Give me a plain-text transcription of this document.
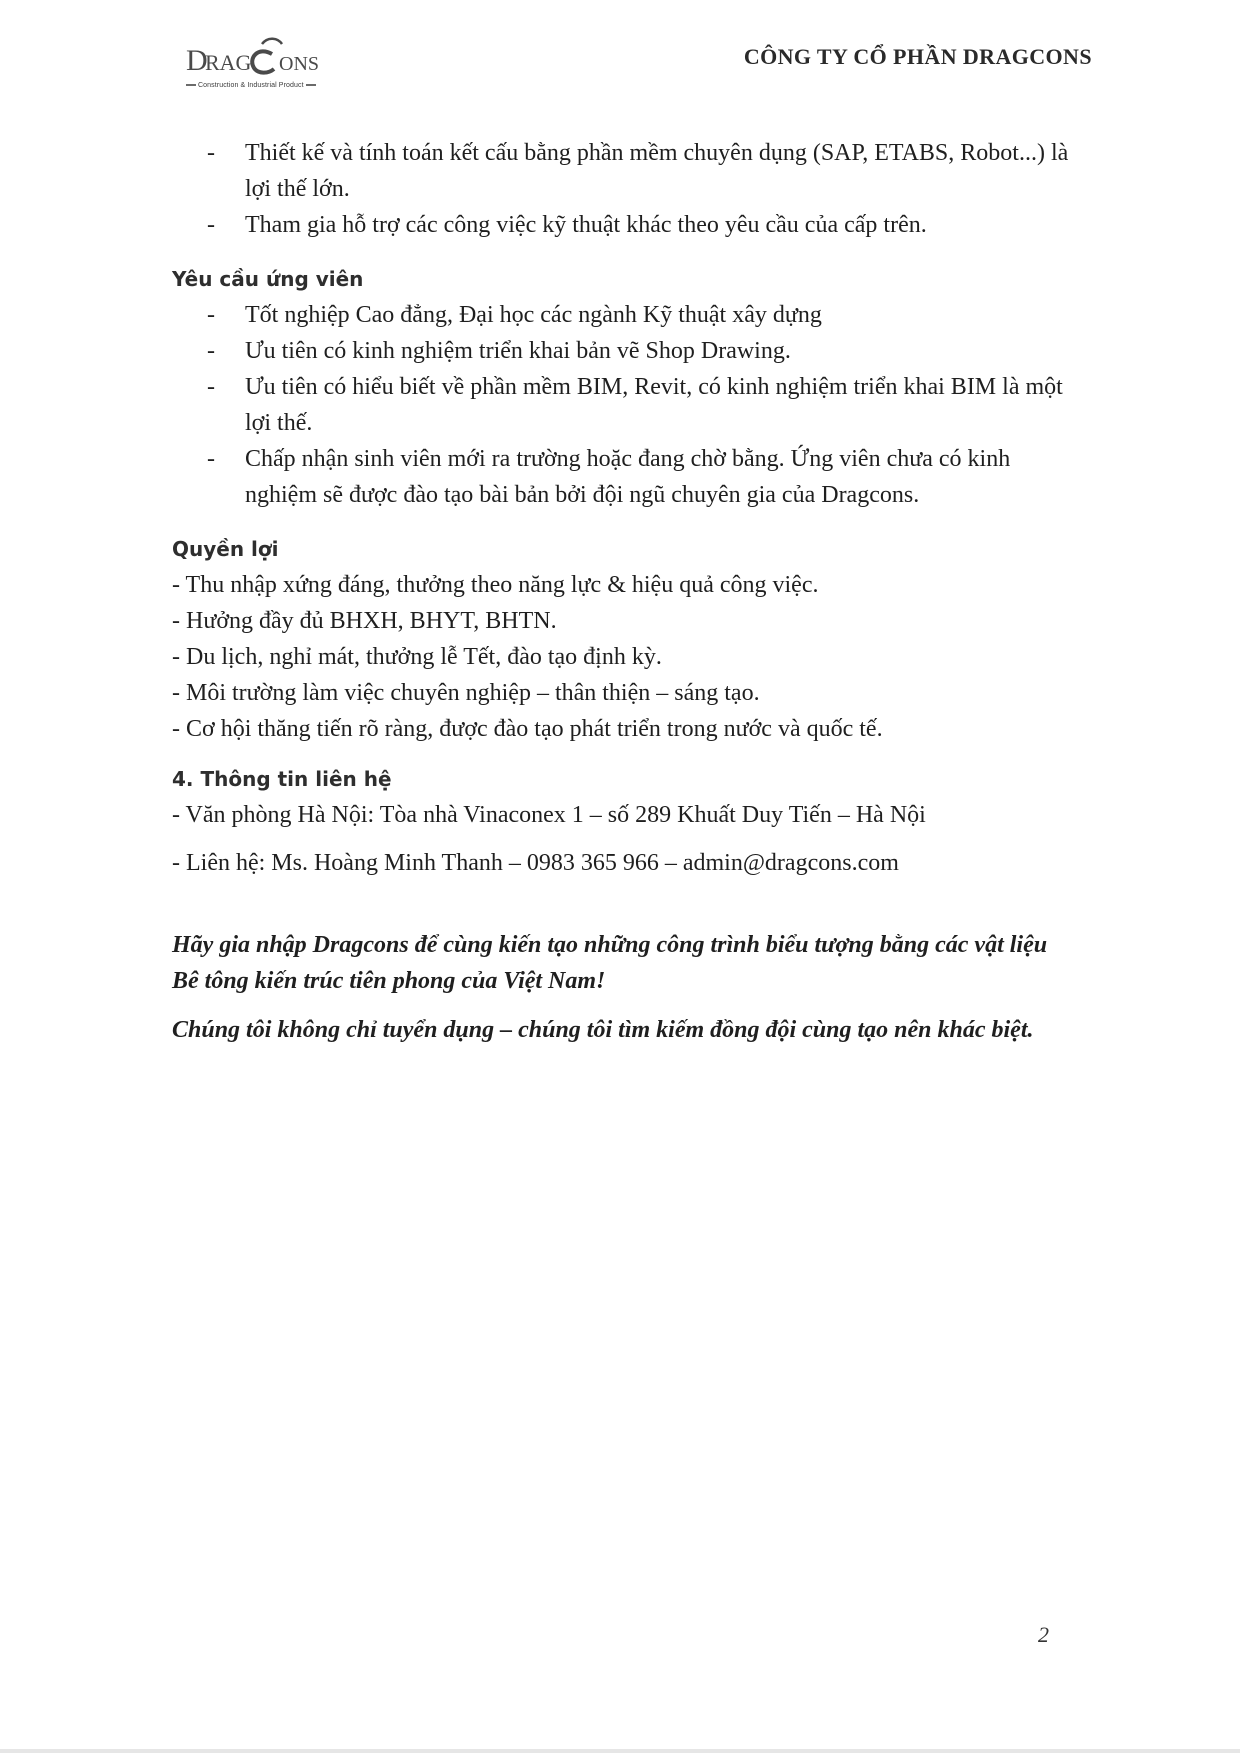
D
RAG ONS
Construction & Industrial Product
CÔNG TY CỔ PHẦN DRAGCONS
- Thiết kế và tính toán kết cấu bằng phần mềm chuyên dụng (SAP, ETABS, Robot...) là lợi thế lớn.
- Tham gia hỗ trợ các công việc kỹ thuật khác theo yêu cầu của cấp trên.
Yêu cầu ứng viên
- Tốt nghiệp Cao đẳng, Đại học các ngành Kỹ thuật xây dựng
- Ưu tiên có kinh nghiệm triển khai bản vẽ Shop Drawing.
- Ưu tiên có hiểu biết về phần mềm BIM, Revit, có kinh nghiệm triển khai BIM là một lợi thế.
- Chấp nhận sinh viên mới ra trường hoặc đang chờ bằng. Ứng viên chưa có kinh nghiệm sẽ được đào tạo bài bản bởi đội ngũ chuyên gia của Dragcons.
Quyền lợi

- Thu nhập xứng đáng, thưởng theo năng lực & hiệu quả công việc.

- Hưởng đầy đủ BHXH, BHYT, BHTN.

- Du lịch, nghỉ mát, thưởng lễ Tết, đào tạo định kỳ.

- Môi trường làm việc chuyên nghiệp – thân thiện – sáng tạo.

- Cơ hội thăng tiến rõ ràng, được đào tạo phát triển trong nước và quốc tế.

4. Thông tin liên hệ

- Văn phòng Hà Nội: Tòa nhà Vinaconex 1 – số 289 Khuất Duy Tiến – Hà Nội

- Liên hệ: Ms. Hoàng Minh Thanh – 0983 365 966 – admin@dragcons.com

Hãy gia nhập Dragcons để cùng kiến tạo những công trình biểu tượng bằng các vật liệu Bê tông kiến trúc tiên phong của Việt Nam!

Chúng tôi không chỉ tuyển dụng – chúng tôi tìm kiếm đồng đội cùng tạo nên khác biệt.

2
